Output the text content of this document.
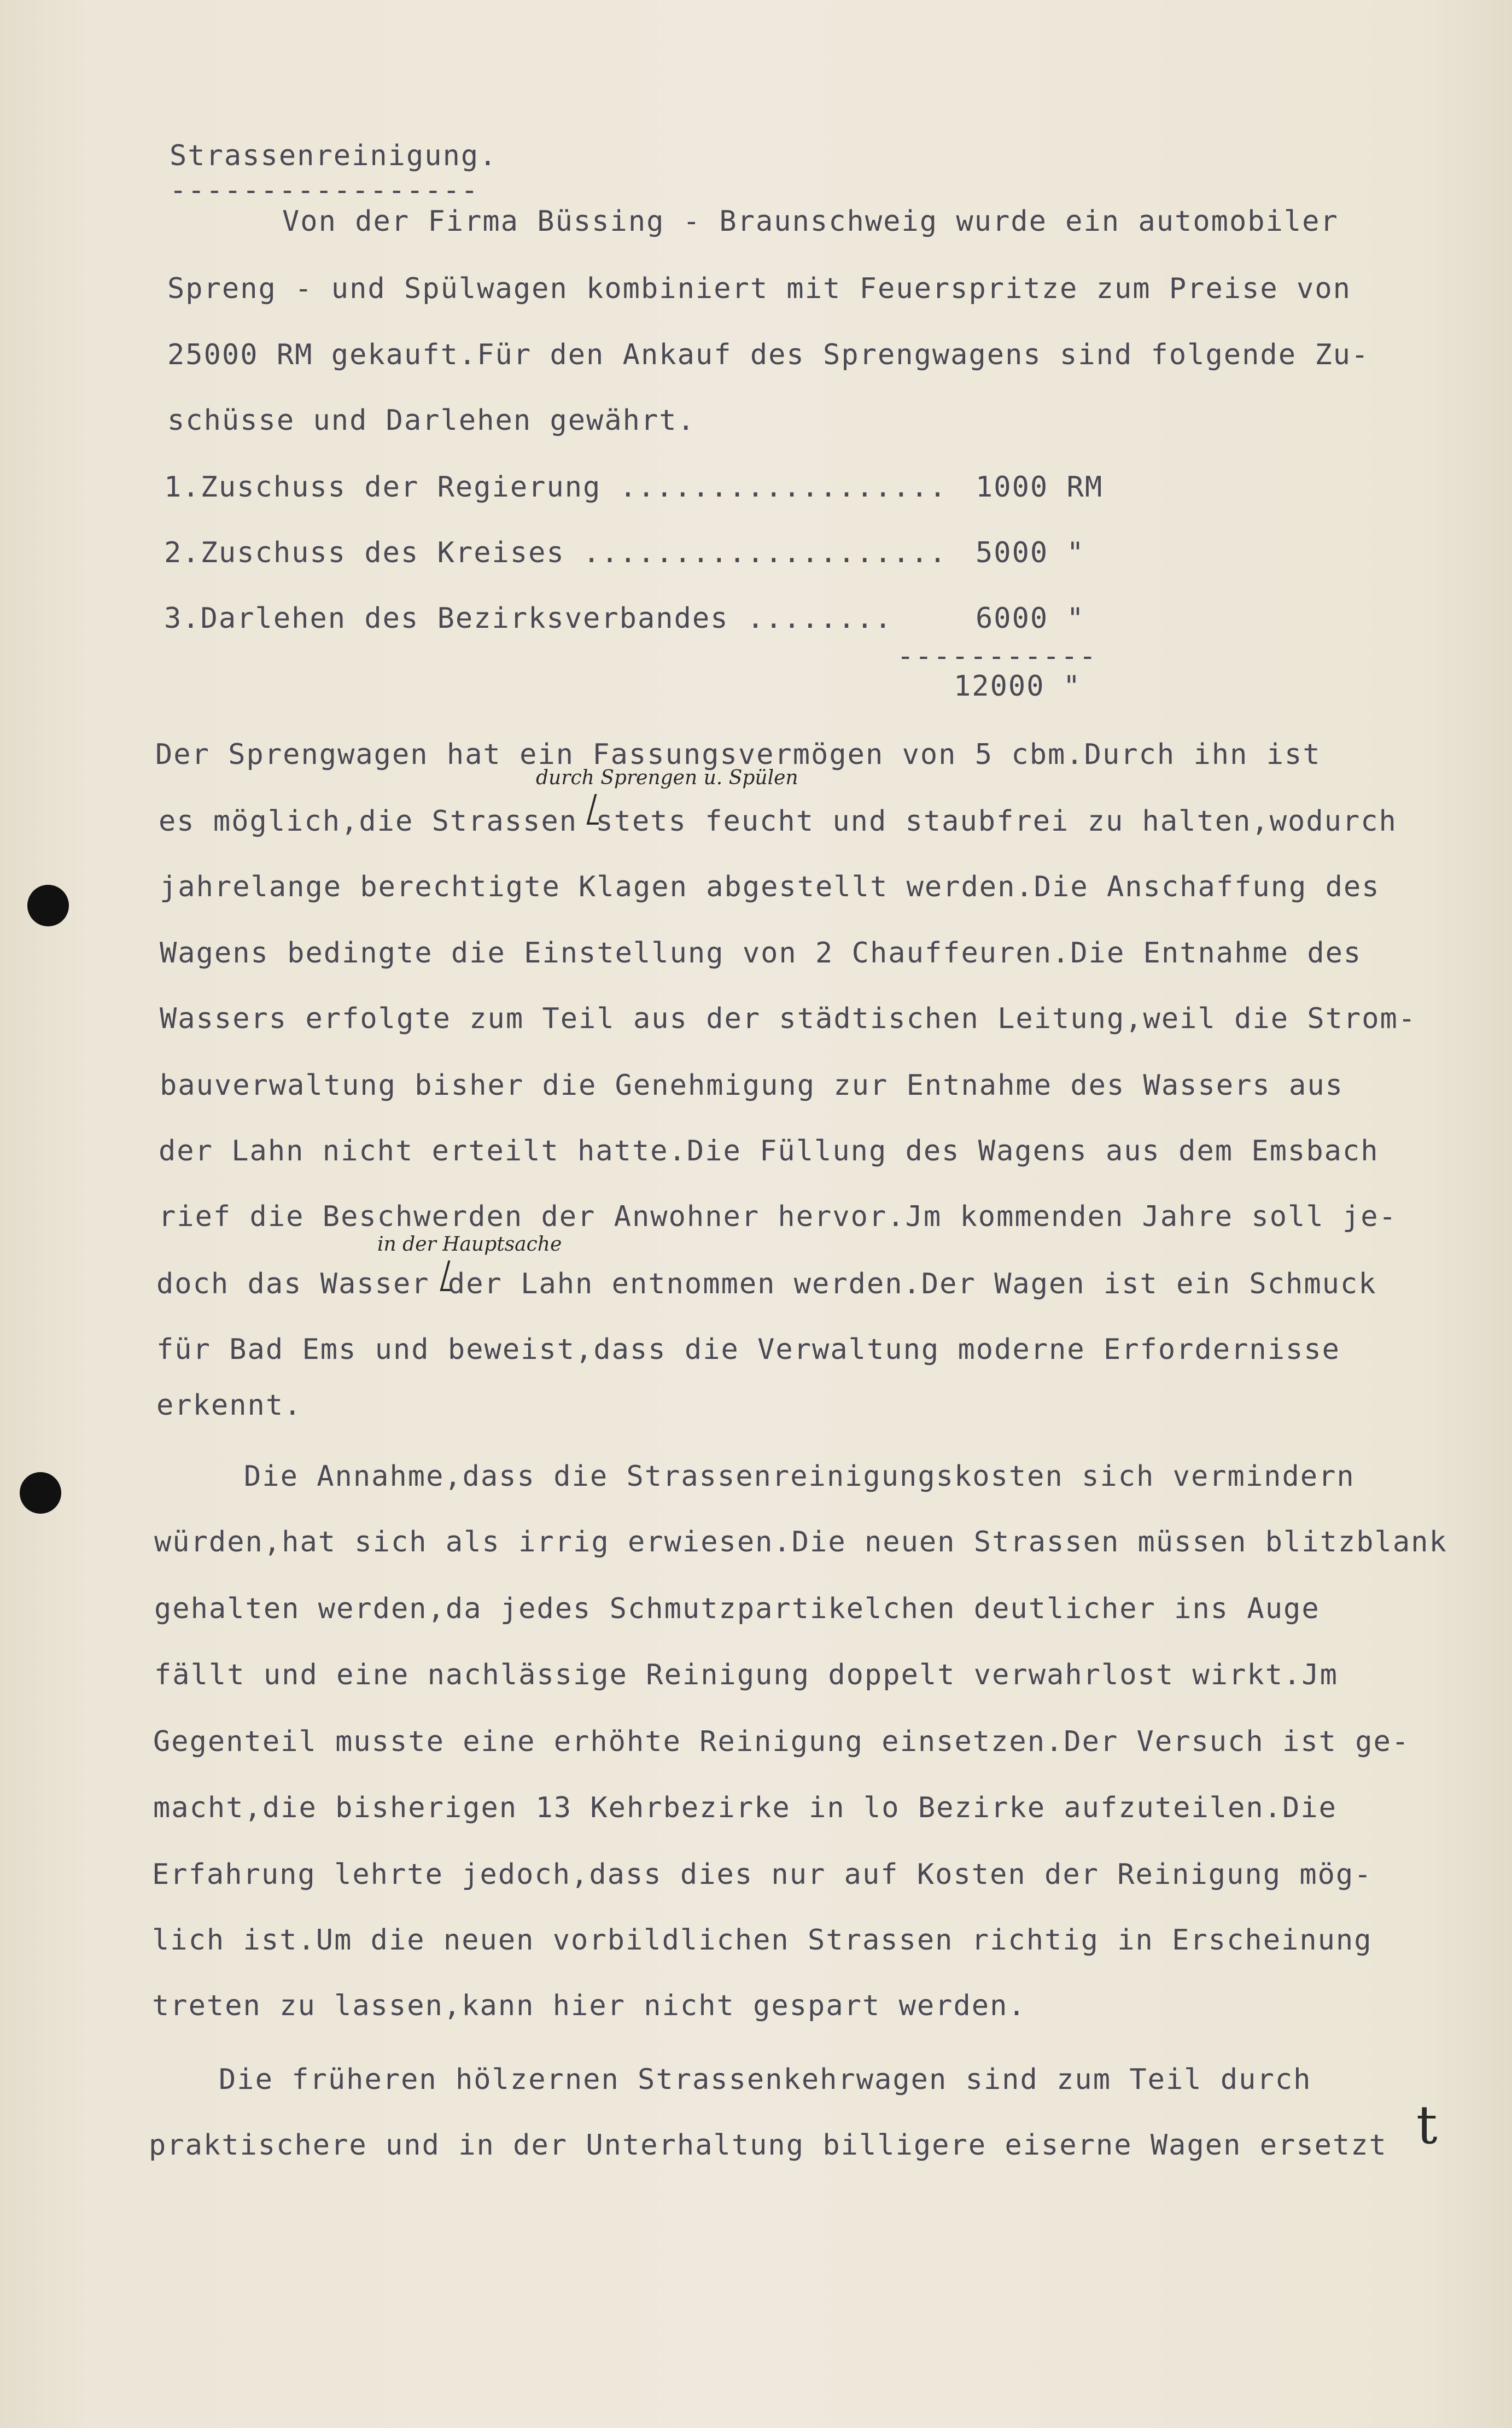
Strassenreinigung.
-----------------
Von der Firma Büssing - Braunschweig wurde ein automobiler
Spreng - und Spülwagen kombiniert mit Feuerspritze zum Preise von
25000 RM gekauft.Für den Ankauf des Sprengwagens sind folgende Zu-
schüsse und Darlehen gewährt.
1.Zuschuss der Regierung .................. 1000 RM
2.Zuschuss des Kreises .................... 5000 "
3.Darlehen des Bezirksverbandes ........	6000 "
-----------
12000 "
durch Sprengen u. Spülen
Der Sprengwagen hat ein Fassungsvermögen von 5 cbm.Durch ihn ist
es möglich,die Strassen stets feucht und staubfrei zu halten,wodurch
jahrelange berechtigte Klagen abgestellt werden.Die Anschaffung des
Wagens bedingte die Einstellung von 2 Chauffeuren.Die Entnahme des
Wassers erfolgte zum Teil aus der städtischen Leitung,weil die Strom-
bauverwaltung bisher die Genehmigung zur Entnahme des Wassers aus
der Lahn nicht erteilt hatte.Die Füllung des Wagens aus dem Emsbach
rief die Beschwerden der Anwohner hervor.Jm kommenden Jahre soll je-
in der Hauptsache
doch das Wasser der Lahn entnommen werden.Der Wagen ist ein Schmuck
für Bad Ems und beweist,dass die Verwaltung moderne Erfordernisse
erkennt.
Die Annahme,dass die Strassenreinigungskosten sich vermindern
würden,hat sich als irrig erwiesen.Die neuen Strassen müssen blitzblank
gehalten werden,da jedes Schmutzpartikelchen deutlicher ins Auge
fällt und eine nachlässige Reinigung doppelt verwahrlost wirkt.Jm
Gegenteil musste eine erhöhte Reinigung einsetzen.Der Versuch ist ge-
macht,die bisherigen 13 Kehrbezirke in lo Bezirke aufzuteilen.Die
Erfahrung lehrte jedoch,dass dies nur auf Kosten der Reinigung mög-
lich ist.Um die neuen vorbildlichen Strassen richtig in Erscheinung
treten zu lassen,kann hier nicht gespart werden.
Die früheren hölzernen Strassenkehrwagen sind zum Teil durch
praktischere und in der Unterhaltung billigere eiserne Wagen ersetzt t
